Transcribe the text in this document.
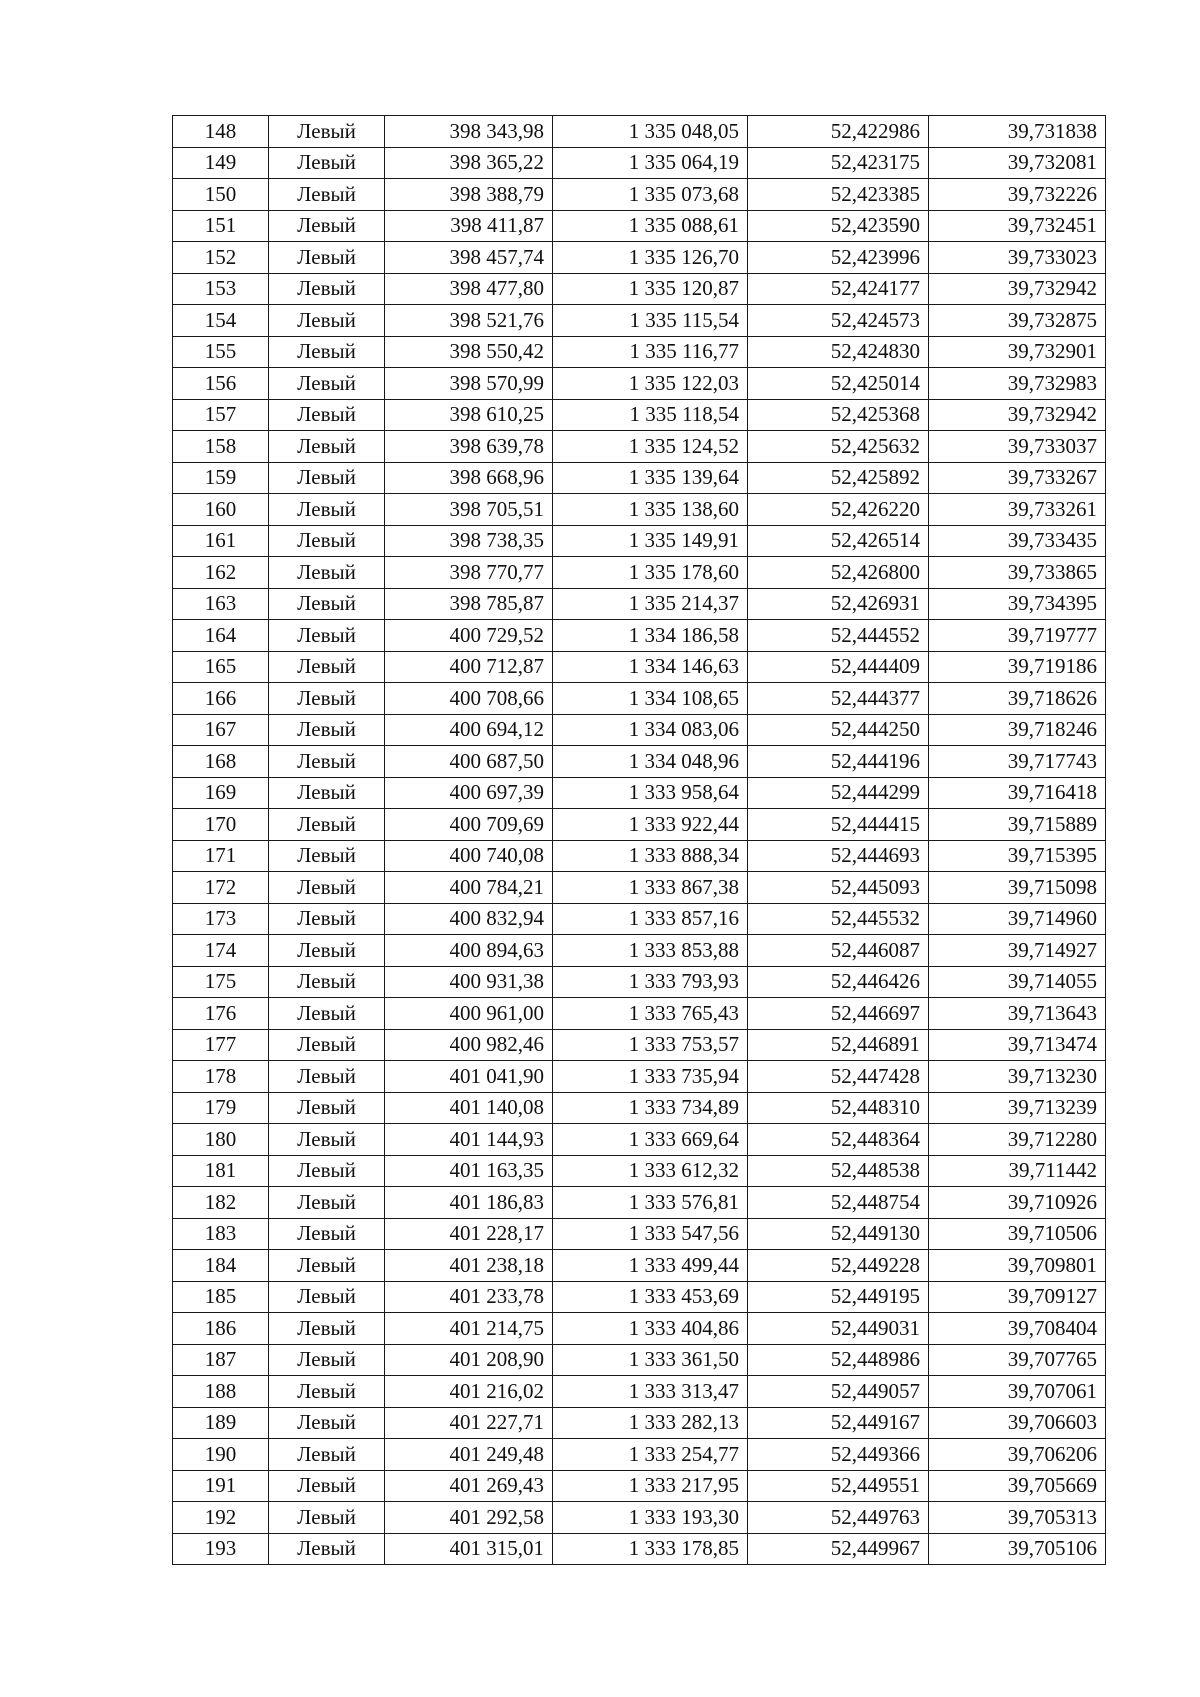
148	Левый	398 343,98	1 335 048,05	52,422986	39,731838
149	Левый	398 365,22	1 335 064,19	52,423175	39,732081
150	Левый	398 388,79	1 335 073,68	52,423385	39,732226
151	Левый	398 411,87	1 335 088,61	52,423590	39,732451
152	Левый	398 457,74	1 335 126,70	52,423996	39,733023
153	Левый	398 477,80	1 335 120,87	52,424177	39,732942
154	Левый	398 521,76	1 335 115,54	52,424573	39,732875
155	Левый	398 550,42	1 335 116,77	52,424830	39,732901
156	Левый	398 570,99	1 335 122,03	52,425014	39,732983
157	Левый	398 610,25	1 335 118,54	52,425368	39,732942
158	Левый	398 639,78	1 335 124,52	52,425632	39,733037
159	Левый	398 668,96	1 335 139,64	52,425892	39,733267
160	Левый	398 705,51	1 335 138,60	52,426220	39,733261
161	Левый	398 738,35	1 335 149,91	52,426514	39,733435
162	Левый	398 770,77	1 335 178,60	52,426800	39,733865
163	Левый	398 785,87	1 335 214,37	52,426931	39,734395
164	Левый	400 729,52	1 334 186,58	52,444552	39,719777
165	Левый	400 712,87	1 334 146,63	52,444409	39,719186
166	Левый	400 708,66	1 334 108,65	52,444377	39,718626
167	Левый	400 694,12	1 334 083,06	52,444250	39,718246
168	Левый	400 687,50	1 334 048,96	52,444196	39,717743
169	Левый	400 697,39	1 333 958,64	52,444299	39,716418
170	Левый	400 709,69	1 333 922,44	52,444415	39,715889
171	Левый	400 740,08	1 333 888,34	52,444693	39,715395
172	Левый	400 784,21	1 333 867,38	52,445093	39,715098
173	Левый	400 832,94	1 333 857,16	52,445532	39,714960
174	Левый	400 894,63	1 333 853,88	52,446087	39,714927
175	Левый	400 931,38	1 333 793,93	52,446426	39,714055
176	Левый	400 961,00	1 333 765,43	52,446697	39,713643
177	Левый	400 982,46	1 333 753,57	52,446891	39,713474
178	Левый	401 041,90	1 333 735,94	52,447428	39,713230
179	Левый	401 140,08	1 333 734,89	52,448310	39,713239
180	Левый	401 144,93	1 333 669,64	52,448364	39,712280
181	Левый	401 163,35	1 333 612,32	52,448538	39,711442
182	Левый	401 186,83	1 333 576,81	52,448754	39,710926
183	Левый	401 228,17	1 333 547,56	52,449130	39,710506
184	Левый	401 238,18	1 333 499,44	52,449228	39,709801
185	Левый	401 233,78	1 333 453,69	52,449195	39,709127
186	Левый	401 214,75	1 333 404,86	52,449031	39,708404
187	Левый	401 208,90	1 333 361,50	52,448986	39,707765
188	Левый	401 216,02	1 333 313,47	52,449057	39,707061
189	Левый	401 227,71	1 333 282,13	52,449167	39,706603
190	Левый	401 249,48	1 333 254,77	52,449366	39,706206
191	Левый	401 269,43	1 333 217,95	52,449551	39,705669
192	Левый	401 292,58	1 333 193,30	52,449763	39,705313
193	Левый	401 315,01	1 333 178,85	52,449967	39,705106
